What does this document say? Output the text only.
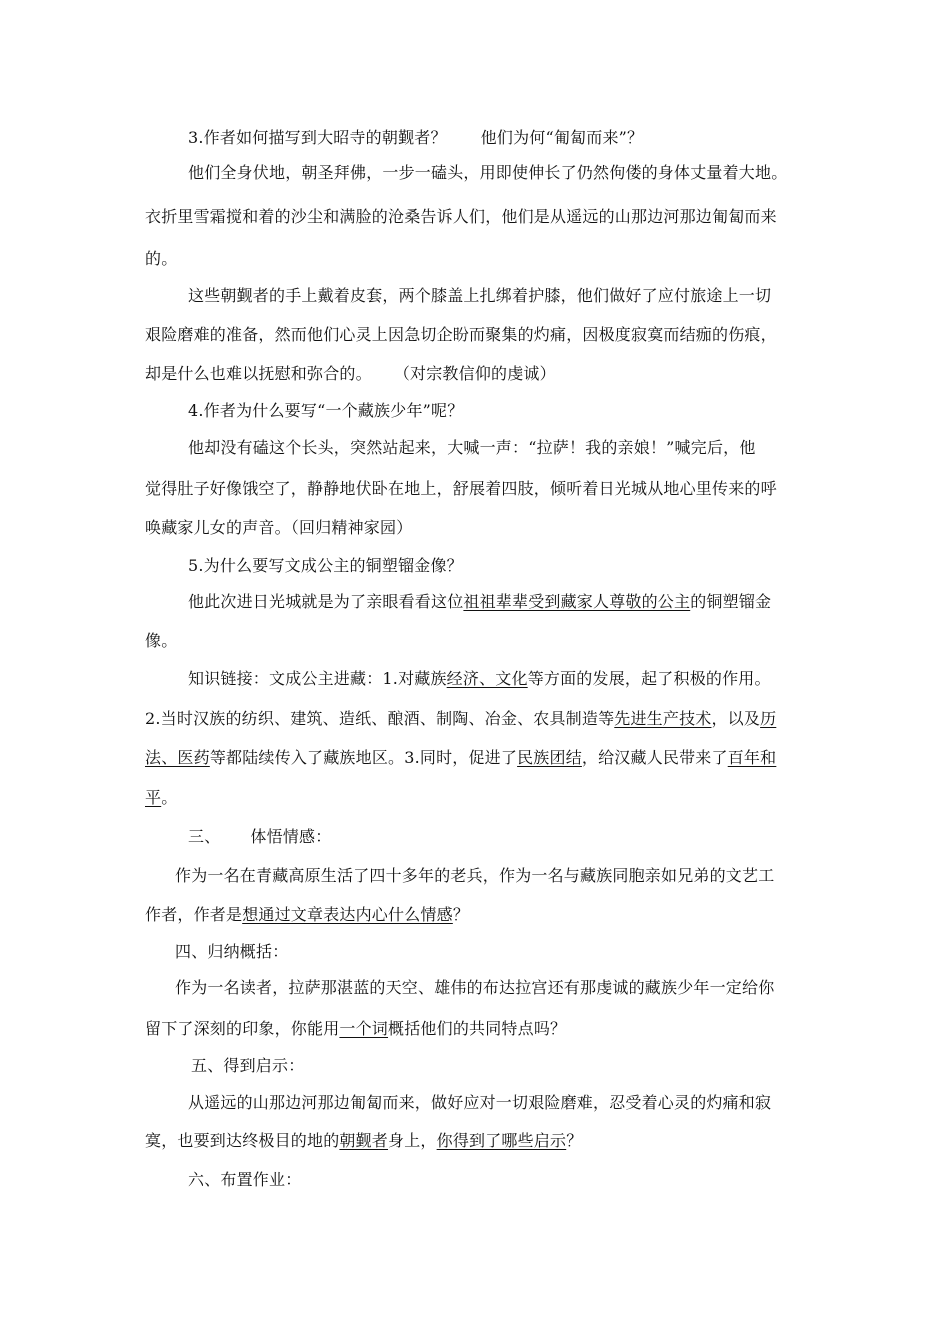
3.作者如何描写到大昭寺的朝觐者？ 他们为何“匍匐而来”？
他们全身伏地，朝圣拜佛，一步一磕头，用即使伸长了仍然佝偻的身体丈量着大地。
衣折里雪霜搅和着的沙尘和满脸的沧桑告诉人们，他们是从遥远的山那边河那边匍匐而来
的。
这些朝觐者的手上戴着皮套，两个膝盖上扎绑着护膝，他们做好了应付旅途上一切
艰险磨难的准备，然而他们心灵上因急切企盼而聚集的灼痛，因极度寂寞而结痂的伤痕，
却是什么也难以抚慰和弥合的。 （对宗教信仰的虔诚）
4.作者为什么要写“一个藏族少年”呢？
他却没有磕这个长头，突然站起来，大喊一声：“拉萨！我的亲娘！”喊完后，他
觉得肚子好像饿空了，静静地伏卧在地上，舒展着四肢，倾听着日光城从地心里传来的呼
唤藏家儿女的声音。（回归精神家园）
5.为什么要写文成公主的铜塑镏金像？
他此次进日光城就是为了亲眼看看这位祖祖辈辈受到藏家人尊敬的公主的铜塑镏金
像。
知识链接：文成公主进藏：1.对藏族经济、文化等方面的发展，起了积极的作用。
2.当时汉族的纺织、建筑、造纸、酿酒、制陶、冶金、农具制造等先进生产技术，以及历
法、医药等都陆续传入了藏族地区。3.同时，促进了民族团结，给汉藏人民带来了百年和
平。
三、 体悟情感：
作为一名在青藏高原生活了四十多年的老兵，作为一名与藏族同胞亲如兄弟的文艺工
作者，作者是想通过文章表达内心什么情感？
四、归纳概括：
作为一名读者，拉萨那湛蓝的天空、雄伟的布达拉宫还有那虔诚的藏族少年一定给你
留下了深刻的印象，你能用一个词概括他们的共同特点吗？
五、得到启示：
从遥远的山那边河那边匍匐而来，做好应对一切艰险磨难，忍受着心灵的灼痛和寂
寞，也要到达终极目的地的朝觐者身上，你得到了哪些启示？
六、布置作业：
